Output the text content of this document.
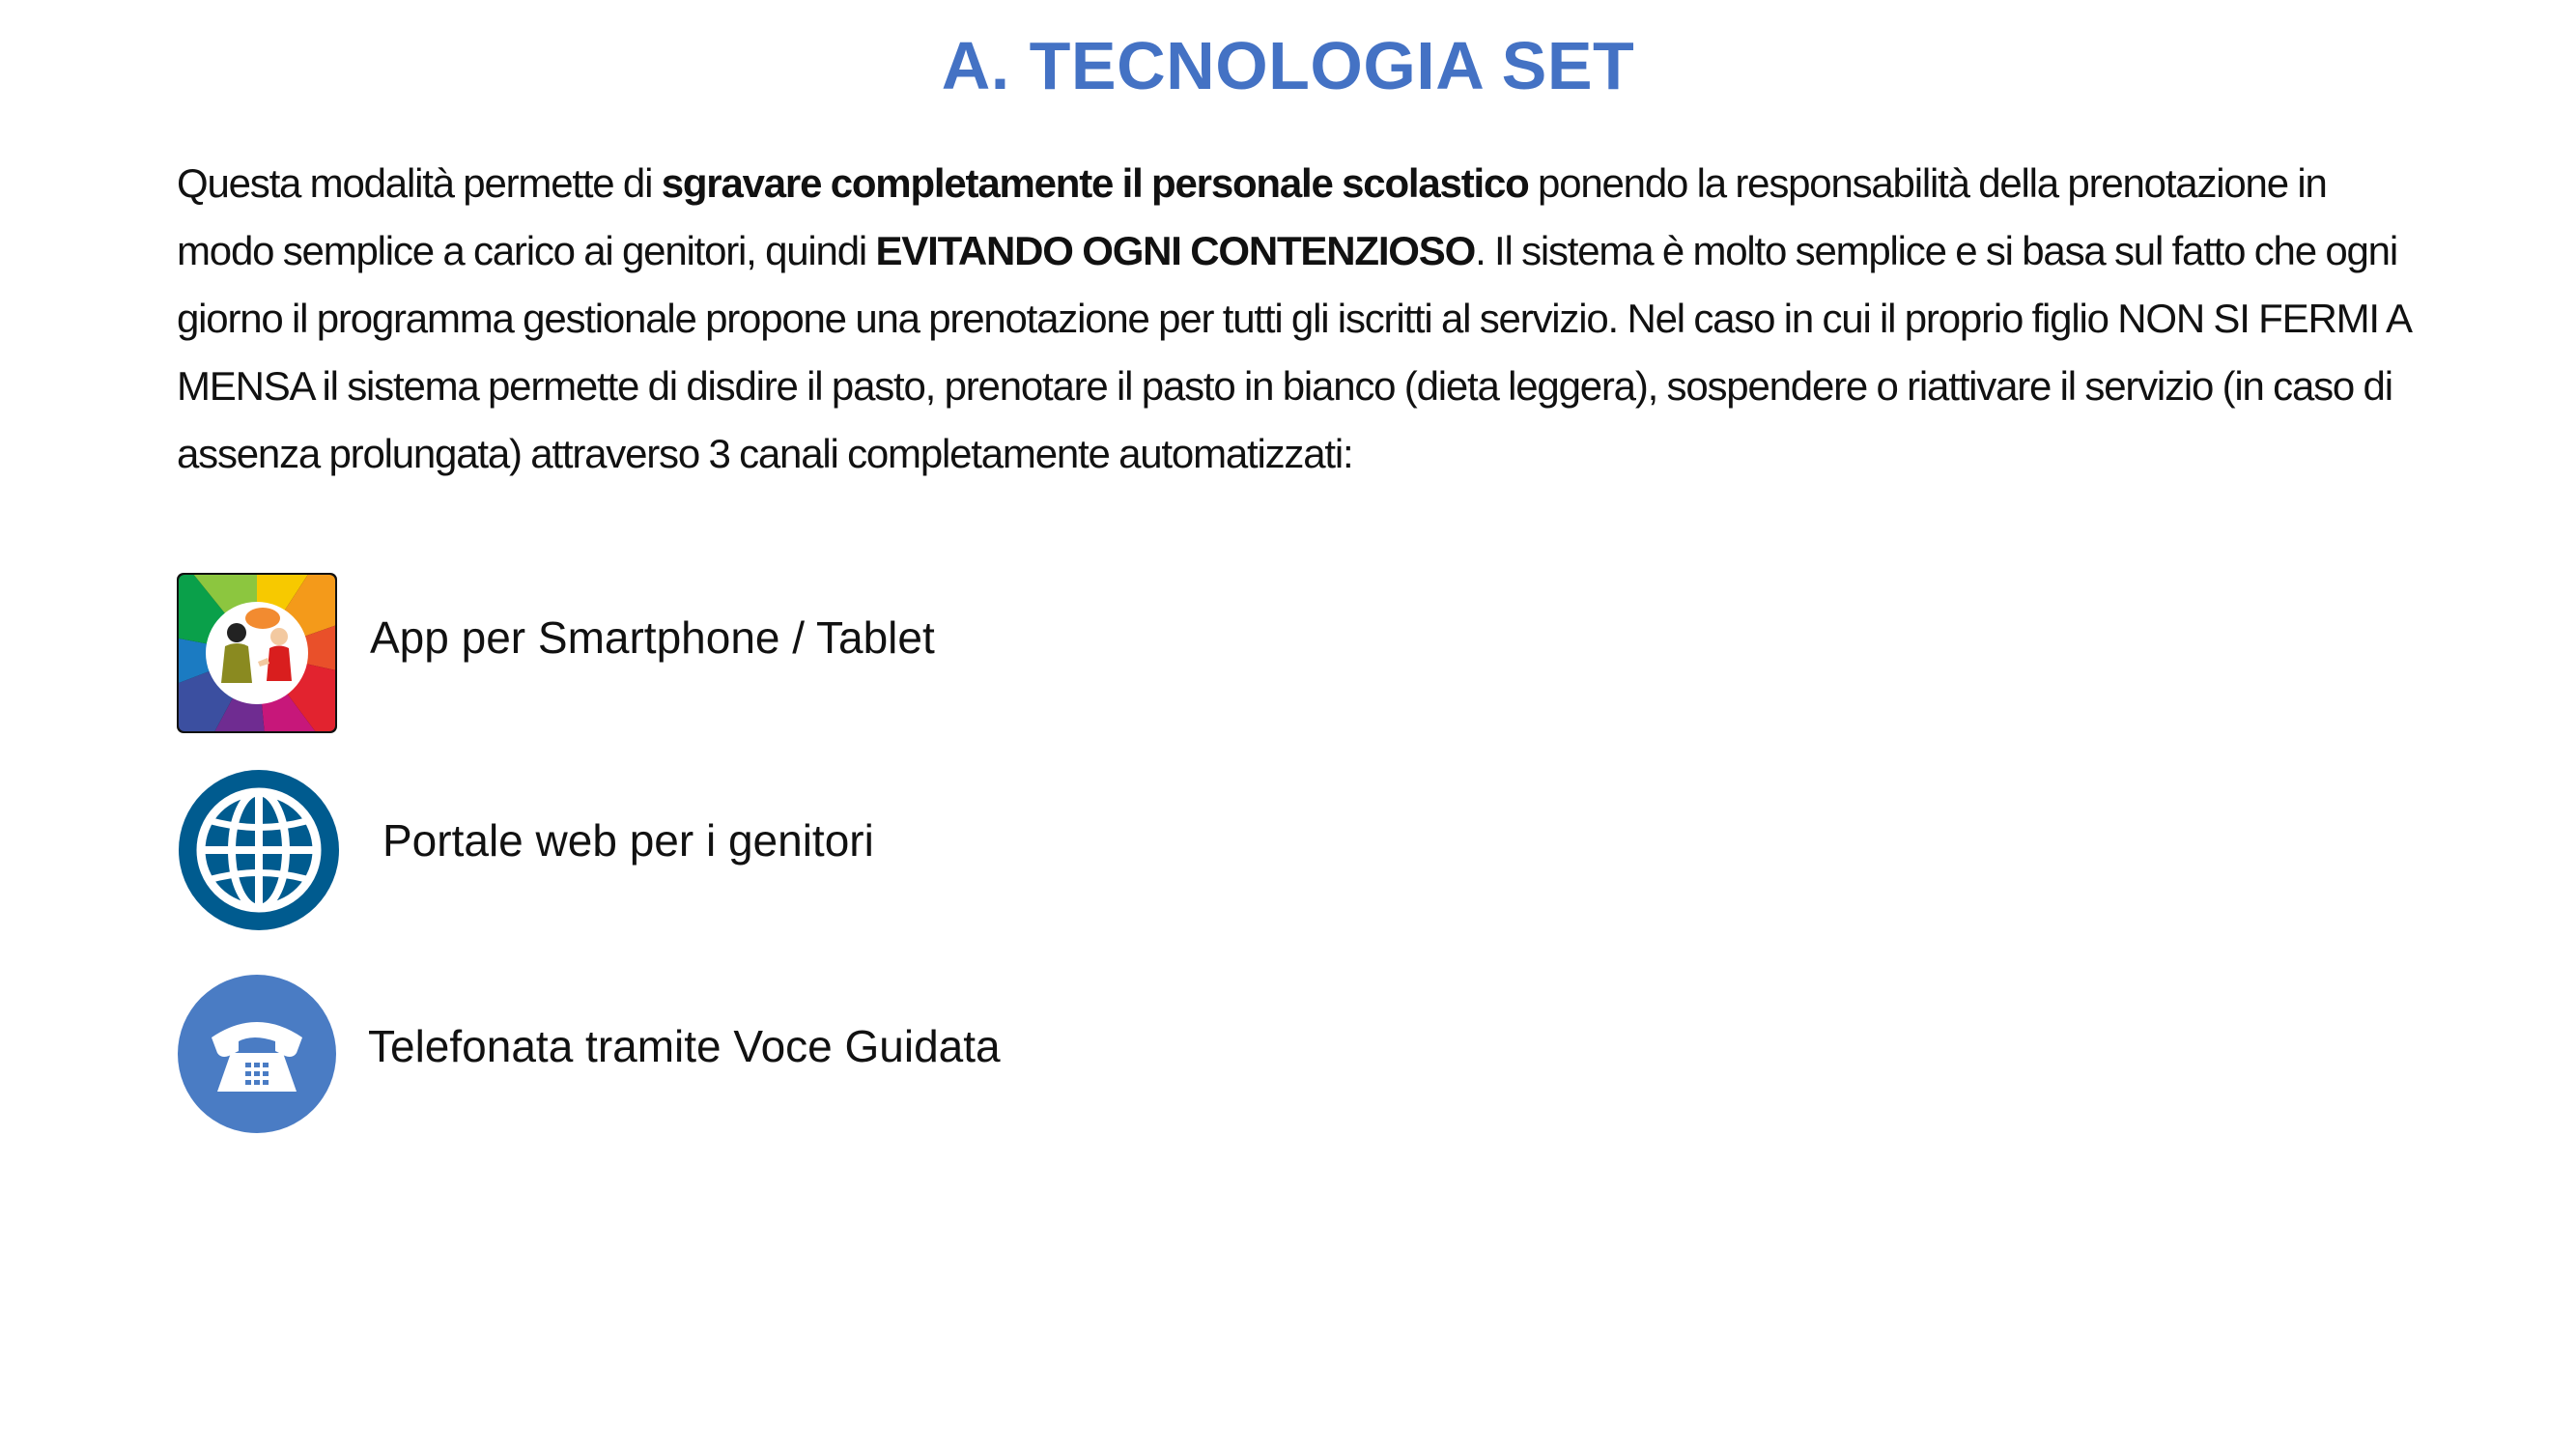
A. TECNOLOGIA SET

Questa modalità permette di sgravare completamente il personale scolastico ponendo la responsabilità della prenotazione in modo semplice a carico ai genitori, quindi EVITANDO OGNI CONTENZIOSO. Il sistema è molto semplice e si basa sul fatto che ogni giorno il programma gestionale propone una prenotazione per tutti gli iscritti al servizio. Nel caso in cui il proprio figlio NON SI FERMI A MENSA il sistema permette di disdire il pasto, prenotare il pasto in bianco (dieta leggera), sospendere o riattivare il servizio (in caso di assenza prolungata) attraverso 3 canali completamente automatizzati:

App per Smartphone / Tablet
Portale web per i genitori
Telefonata tramite Voce Guidata
